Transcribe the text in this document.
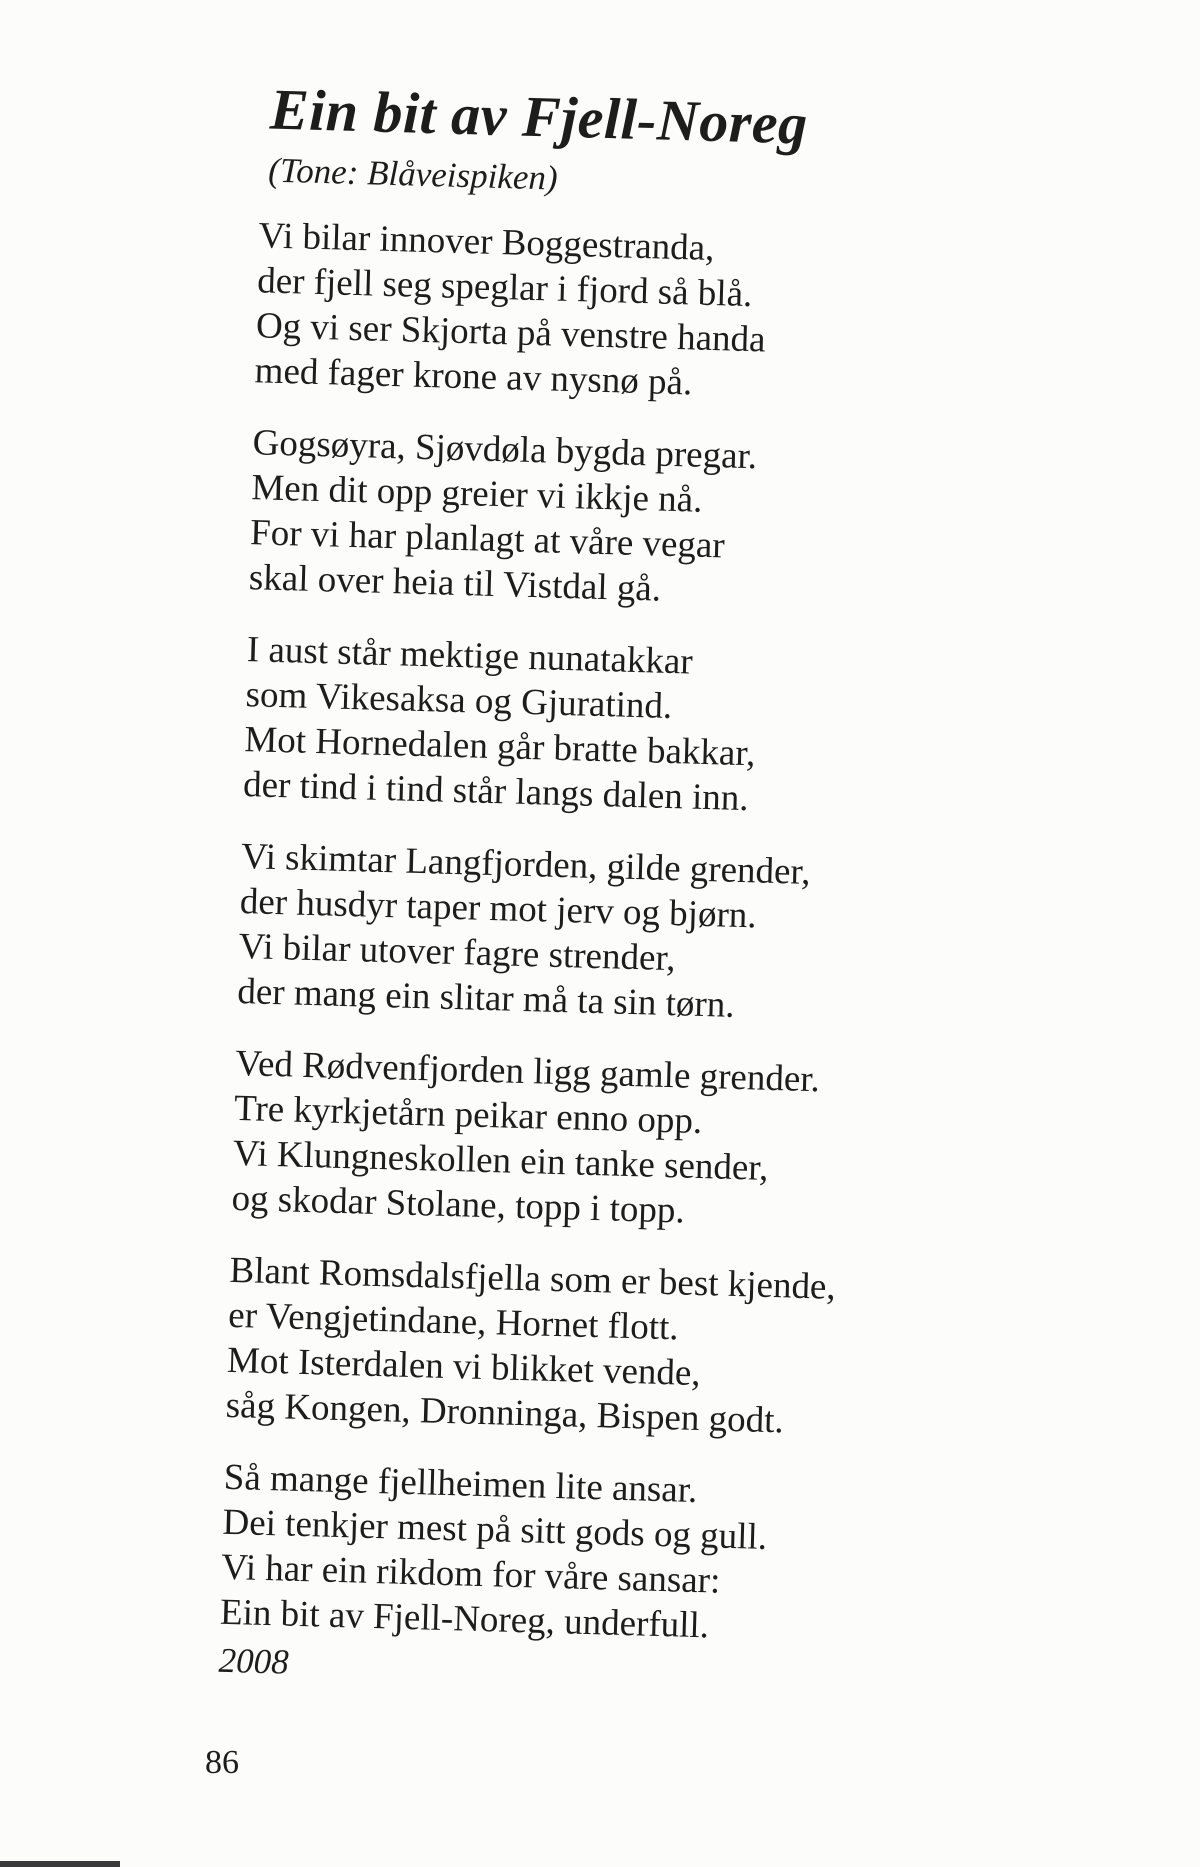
Ein bit av Fjell-Noreg
(Tone: Blåveispiken)
Vi bilar innover Boggestranda,
der fjell seg speglar i fjord så blå.
Og vi ser Skjorta på venstre handa
med fager krone av nysnø på.
Gogsøyra, Sjøvdøla bygda pregar.
Men dit opp greier vi ikkje nå.
For vi har planlagt at våre vegar
skal over heia til Vistdal gå.
I aust står mektige nunatakkar
som Vikesaksa og Gjuratind.
Mot Hornedalen går bratte bakkar,
der tind i tind står langs dalen inn.
Vi skimtar Langfjorden, gilde grender,
der husdyr taper mot jerv og bjørn.
Vi bilar utover fagre strender,
der mang ein slitar må ta sin tørn.
Ved Rødvenfjorden ligg gamle grender.
Tre kyrkjetårn peikar enno opp.
Vi Klungneskollen ein tanke sender,
og skodar Stolane, topp i topp.
Blant Romsdalsfjella som er best kjende,
er Vengjetindane, Hornet flott.
Mot Isterdalen vi blikket vende,
såg Kongen, Dronninga, Bispen godt.
Så mange fjellheimen lite ansar.
Dei tenkjer mest på sitt gods og gull.
Vi har ein rikdom for våre sansar:
Ein bit av Fjell-Noreg, underfull.
2008
86
